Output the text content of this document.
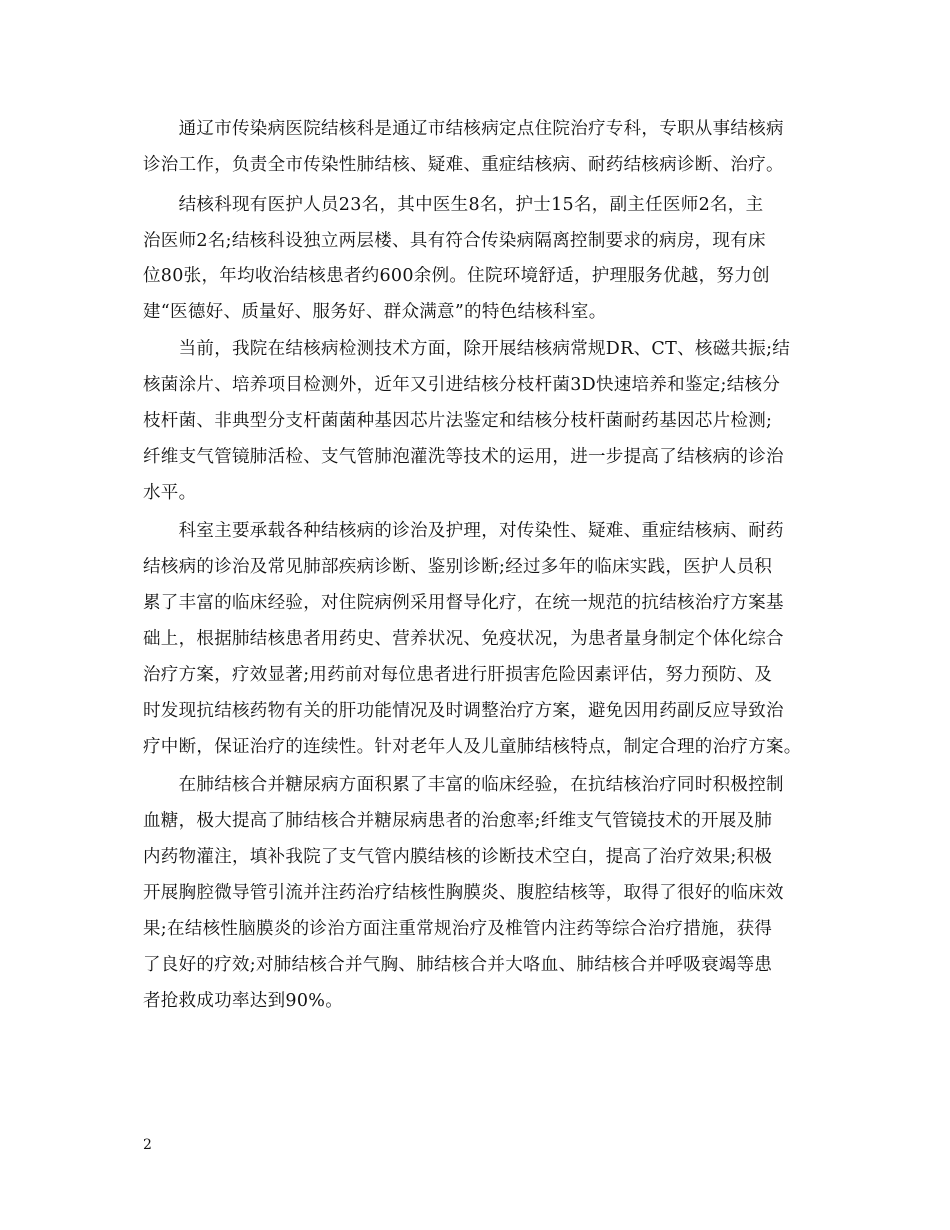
　　通辽市传染病医院结核科是通辽市结核病定点住院治疗专科，专职从事结核病
诊治工作，负责全市传染性肺结核、疑难、重症结核病、耐药结核病诊断、治疗。
　　结核科现有医护人员23名，其中医生8名，护士15名，副主任医师2名，主
治医师2名;结核科设独立两层楼、具有符合传染病隔离控制要求的病房，现有床
位80张，年均收治结核患者约600余例。住院环境舒适，护理服务优越，努力创
建“医德好、质量好、服务好、群众满意”的特色结核科室。
　　当前，我院在结核病检测技术方面，除开展结核病常规DR、CT、核磁共振;结
核菌涂片、培养项目检测外，近年又引进结核分枝杆菌3D快速培养和鉴定;结核分
枝杆菌、非典型分支杆菌菌种基因芯片法鉴定和结核分枝杆菌耐药基因芯片检测;
纤维支气管镜肺活检、支气管肺泡灌洗等技术的运用，进一步提高了结核病的诊治
水平。
　　科室主要承载各种结核病的诊治及护理，对传染性、疑难、重症结核病、耐药
结核病的诊治及常见肺部疾病诊断、鉴别诊断;经过多年的临床实践，医护人员积
累了丰富的临床经验，对住院病例采用督导化疗，在统一规范的抗结核治疗方案基
础上，根据肺结核患者用药史、营养状况、免疫状况，为患者量身制定个体化综合
治疗方案，疗效显著;用药前对每位患者进行肝损害危险因素评估，努力预防、及
时发现抗结核药物有关的肝功能情况及时调整治疗方案，避免因用药副反应导致治
疗中断，保证治疗的连续性。针对老年人及儿童肺结核特点，制定合理的治疗方案。
　　在肺结核合并糖尿病方面积累了丰富的临床经验，在抗结核治疗同时积极控制
血糖，极大提高了肺结核合并糖尿病患者的治愈率;纤维支气管镜技术的开展及肺
内药物灌注，填补我院了支气管内膜结核的诊断技术空白，提高了治疗效果;积极
开展胸腔微导管引流并注药治疗结核性胸膜炎、腹腔结核等，取得了很好的临床效
果;在结核性脑膜炎的诊治方面注重常规治疗及椎管内注药等综合治疗措施，获得
了良好的疗效;对肺结核合并气胸、肺结核合并大咯血、肺结核合并呼吸衰竭等患
者抢救成功率达到90%。
2
